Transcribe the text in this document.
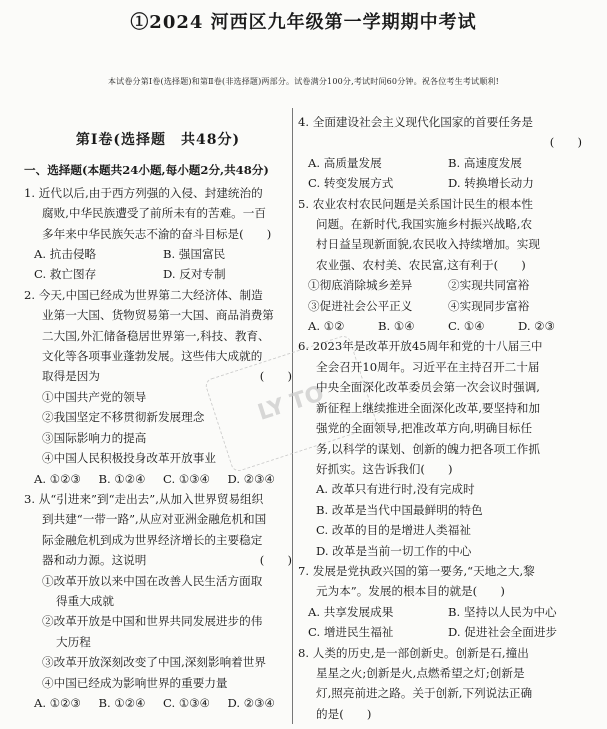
①2024 河西区九年级第一学期期中考试
本试卷分第Ⅰ卷(选择题)和第Ⅱ卷(非选择题)两部分。试卷满分100分,考试时间60分钟。祝各位考生考试顺利!
LY TO
第Ⅰ卷(选择题　共48分)
一、选择题(本题共24小题,每小题2分,共48分)
1. 近代以后,由于西方列强的入侵、封建统治的
腐败,中华民族遭受了前所未有的苦难。一百
多年来中华民族矢志不渝的奋斗目标是(　　)
A. 抗击侵略	B. 强国富民
C. 救亡图存	D. 反对专制
2. 今天,中国已经成为世界第二大经济体、制造
业第一大国、货物贸易第一大国、商品消费第
二大国,外汇储备稳居世界第一,科技、教育、
文化等各项事业蓬勃发展。这些伟大成就的
取得是因为	(　　)
①中国共产党的领导
②我国坚定不移贯彻新发展理念
③国际影响力的提高
④中国人民积极投身改革开放事业
A. ①②③	B. ①②④	C. ①③④	D. ②③④
3. 从“引进来”到“走出去”,从加入世界贸易组织
到共建“一带一路”,从应对亚洲金融危机和国
际金融危机到成为世界经济增长的主要稳定
器和动力源。这说明	(　　)
①改革开放以来中国在改善人民生活方面取
得重大成就
②改革开放是中国和世界共同发展进步的伟
大历程
③改革开放深刻改变了中国,深刻影响着世界
④中国已经成为影响世界的重要力量
A. ①②③	B. ①②④	C. ①③④	D. ②③④
4. 全面建设社会主义现代化国家的首要任务是
(　　)
A. 高质量发展	B. 高速度发展
C. 转变发展方式	D. 转换增长动力
5. 农业农村农民问题是关系国计民生的根本性
问题。在新时代,我国实施乡村振兴战略,农
村日益呈现新面貌,农民收入持续增加。实现
农业强、农村美、农民富,这有利于(　　)
①彻底消除城乡差异	②实现共同富裕
③促进社会公平正义	④实现同步富裕
A. ①②	B. ①④	C. ①④	D. ②③
6. 2023年是改革开放45周年和党的十八届三中
全会召开10周年。习近平在主持召开二十届
中央全面深化改革委员会第一次会议时强调,
新征程上继续推进全面深化改革,要坚持和加
强党的全面领导,把准改革方向,明确目标任
务,以科学的谋划、创新的魄力把各项工作抓
好抓实。这告诉我们(　　)
A. 改革只有进行时,没有完成时
B. 改革是当代中国最鲜明的特色
C. 改革的目的是增进人类福祉
D. 改革是当前一切工作的中心
7. 发展是党执政兴国的第一要务,“天地之大,黎
元为本”。发展的根本目的就是(　　)
A. 共享发展成果	B. 坚持以人民为中心
C. 增进民生福祉	D. 促进社会全面进步
8. 人类的历史,是一部创新史。创新是石,撞出
星星之火;创新是火,点燃希望之灯;创新是
灯,照亮前进之路。关于创新,下列说法正确
的是(　　)
